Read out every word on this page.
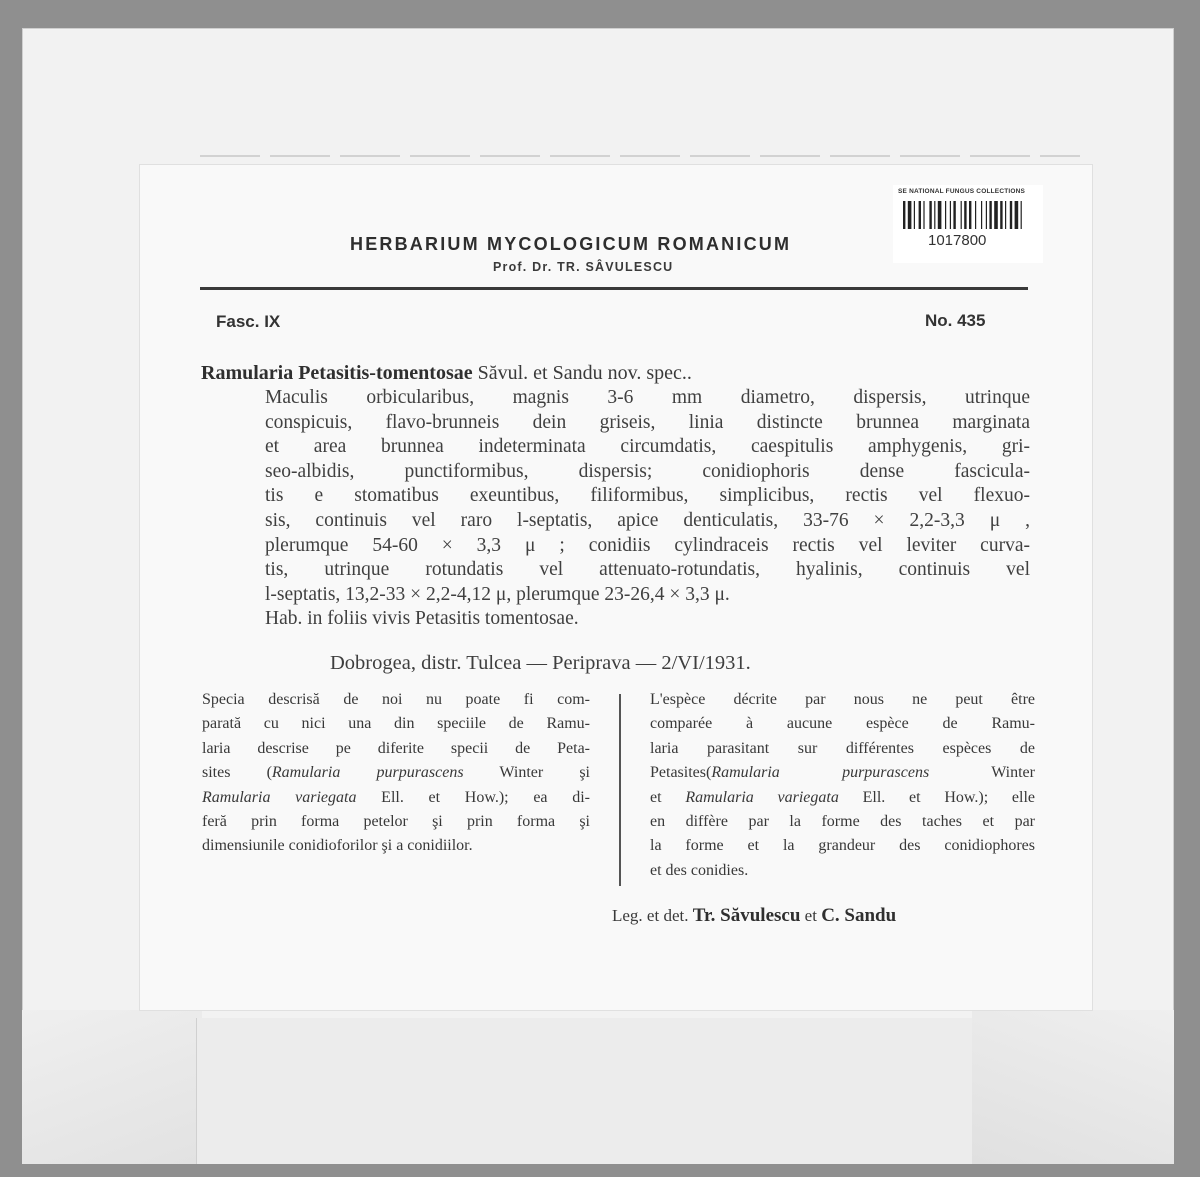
SE NATIONAL FUNGUS COLLECTIONS
1017800
HERBARIUM MYCOLOGICUM ROMANICUM
Prof. Dr. TR. SÂVULESCU
Fasc. IX	No. 435
Ramularia Petasitis-tomentosae Săvul. et Sandu nov. spec..
Maculis orbicularibus, magnis 3-6 mm diametro, dispersis, utrinque
conspicuis, flavo-brunneis dein griseis, linia distincte brunnea marginata
et area brunnea indeterminata circumdatis, caespitulis amphygenis, gri-
seo-albidis, punctiformibus, dispersis; conidiophoris dense fascicula-
tis e stomatibus exeuntibus, filiformibus, simplicibus, rectis vel flexuo-
sis, continuis vel raro l-septatis, apice denticulatis, 33-76 × 2,2-3,3 μ ,
plerumque 54-60 × 3,3 μ ; conidiis cylindraceis rectis vel leviter curva-
tis, utrinque rotundatis vel attenuato-rotundatis, hyalinis, continuis vel
l-septatis, 13,2-33 × 2,2-4,12 μ, plerumque 23-26,4 × 3,3 μ.
Hab. in foliis vivis Petasitis tomentosae.
Dobrogea, distr. Tulcea — Periprava — 2/VI/1931.
Specia descrisă de noi nu poate fi com-
parată cu nici una din speciile de Ramu-
laria descrise pe diferite specii de Peta-
sites (Ramularia purpurascens Winter şi
Ramularia variegata Ell. et How.); ea di-
feră prin forma petelor şi prin forma şi
dimensiunile conidioforilor şi a conidiilor.
L'espèce décrite par nous ne peut être
comparée à aucune espèce de Ramu-
laria parasitant sur différentes espèces de
Petasites(Ramularia purpurascens Winter
et Ramularia variegata Ell. et How.); elle
en diffère par la forme des taches et par
la forme et la grandeur des conidiophores
et des conidies.
Leg. et det. Tr. Săvulescu et C. Sandu
